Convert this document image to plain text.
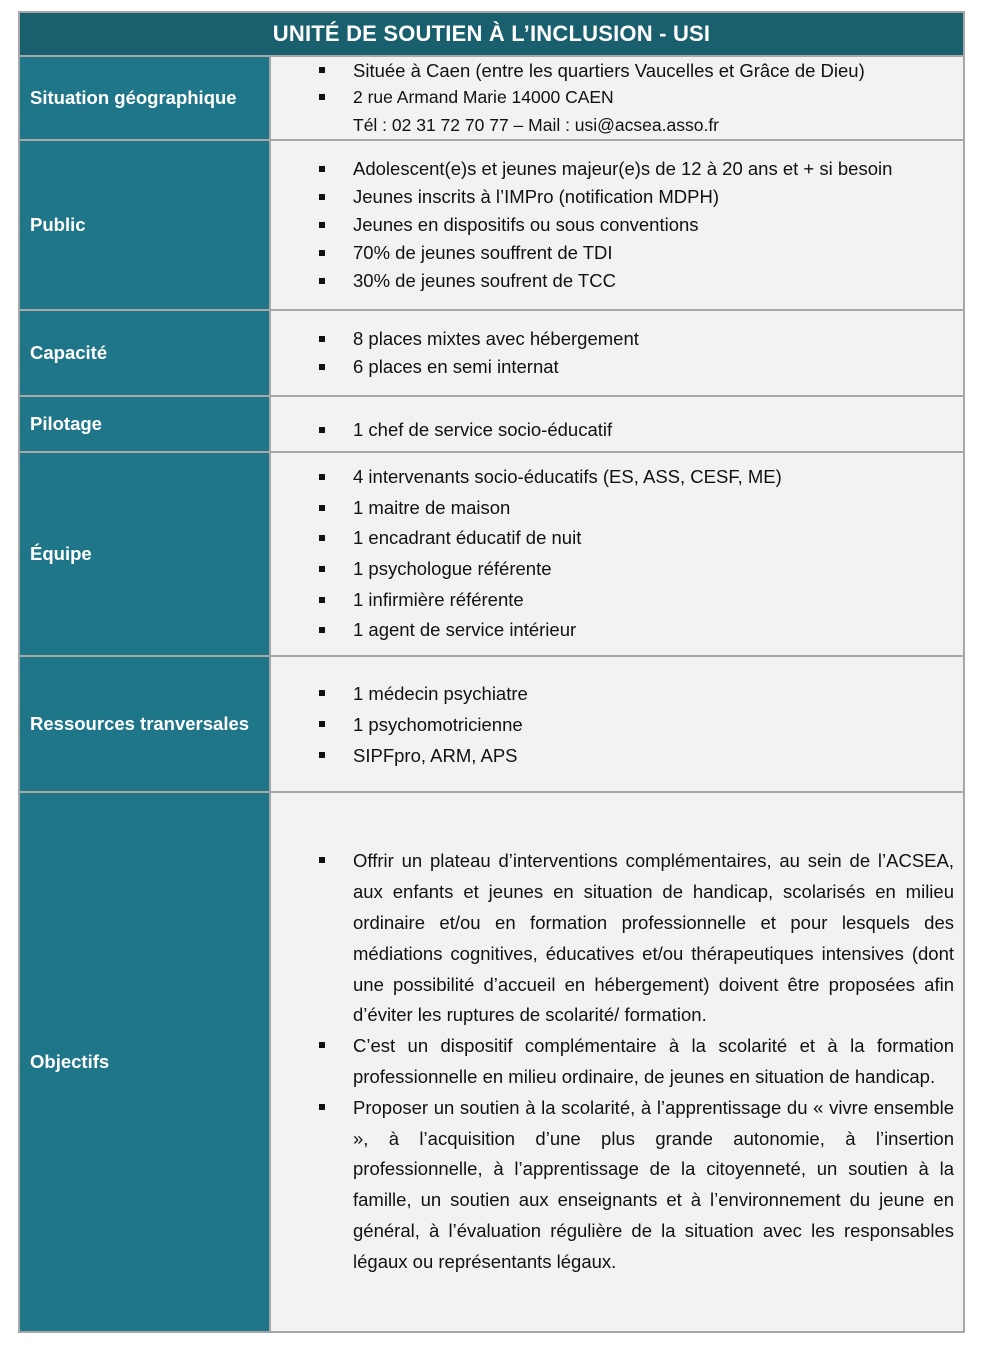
UNITÉ DE SOUTIEN À L’INCLUSION - USI
Situation géographique
Située à Caen (entre les quartiers Vaucelles et Grâce de Dieu)
2 rue Armand Marie 14000 CAEN
Tél : 02 31 72 70 77 – Mail : usi@acsea.asso.fr
Public
Adolescent(e)s et jeunes majeur(e)s de 12 à 20 ans et + si besoin
Jeunes inscrits à l’IMPro (notification MDPH)
Jeunes en dispositifs ou sous conventions
70% de jeunes souffrent de TDI
30% de jeunes soufrent de TCC
Capacité
8 places mixtes avec hébergement
6 places en semi internat
Pilotage	1 chef de service socio-éducatif
Équipe
4 intervenants socio-éducatifs (ES, ASS, CESF, ME)
1 maitre de maison
1 encadrant éducatif de nuit
1 psychologue référente
1 infirmière référente
1 agent de service intérieur
Ressources tranversales
1 médecin psychiatre
1 psychomotricienne
SIPFpro, ARM, APS
Objectifs
Offrir un plateau d’interventions complémentaires, au sein de l’ACSEA, aux enfants et jeunes en situation de handicap, scolarisés en milieu ordinaire et/ou en formation professionnelle et pour lesquels des médiations cognitives, éducatives et/ou thérapeutiques intensives (dont une possibilité d’accueil en hébergement) doivent être proposées afin d’éviter les ruptures de scolarité/ formation.
C’est un dispositif complémentaire à la scolarité et à la formation professionnelle en milieu ordinaire, de jeunes en situation de handicap.
Proposer un soutien à la scolarité, à l’apprentissage du « vivre ensemble », à l’acquisition d’une plus grande autonomie, à l’insertion professionnelle, à l’apprentissage de la citoyenneté, un soutien à la famille, un soutien aux enseignants et à l’environnement du jeune en général, à l’évaluation régulière de la situation avec les responsables légaux ou représentants légaux.
